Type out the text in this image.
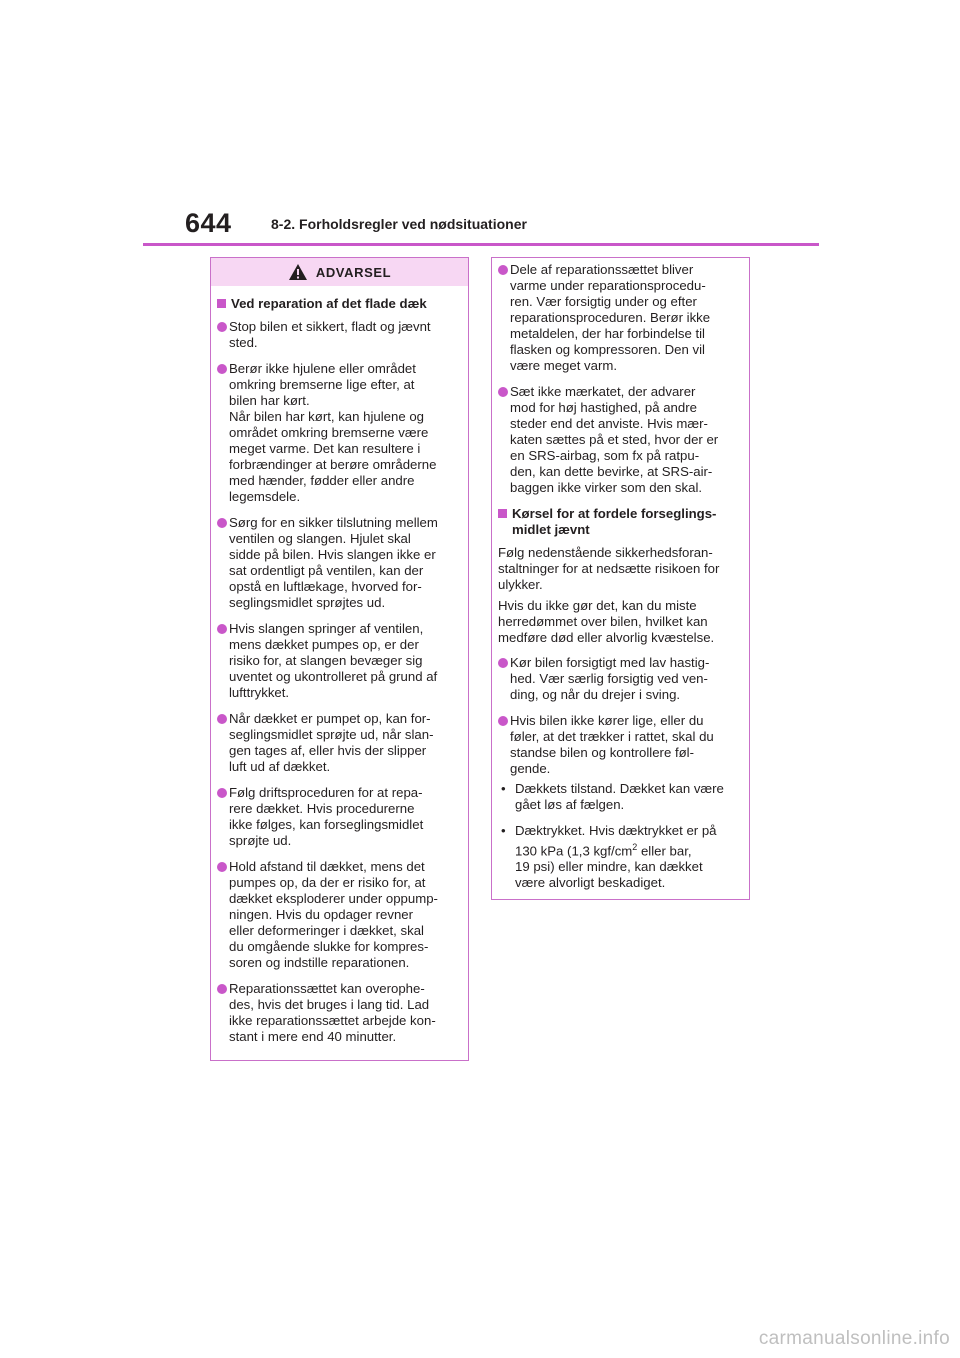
644	8-2. Forholdsregler ved nødsituationer
ADVARSEL
Ved reparation af det flade dæk
Stop bilen et sikkert, fladt og jævnt
sted.
Berør ikke hjulene eller området
omkring bremserne lige efter, at
bilen har kørt.
Når bilen har kørt, kan hjulene og
området omkring bremserne være
meget varme. Det kan resultere i
forbrændinger at berøre områderne
med hænder, fødder eller andre
legemsdele.
Sørg for en sikker tilslutning mellem
ventilen og slangen. Hjulet skal
sidde på bilen. Hvis slangen ikke er
sat ordentligt på ventilen, kan der
opstå en luftlækage, hvorved for-
seglingsmidlet sprøjtes ud.
Hvis slangen springer af ventilen,
mens dækket pumpes op, er der
risiko for, at slangen bevæger sig
uventet og ukontrolleret på grund af
lufttrykket.
Når dækket er pumpet op, kan for-
seglingsmidlet sprøjte ud, når slan-
gen tages af, eller hvis der slipper
luft ud af dækket.
Følg driftsproceduren for at repa-
rere dækket. Hvis procedurerne
ikke følges, kan forseglingsmidlet
sprøjte ud.
Hold afstand til dækket, mens det
pumpes op, da der er risiko for, at
dækket eksploderer under oppump-
ningen. Hvis du opdager revner
eller deformeringer i dækket, skal
du omgående slukke for kompres-
soren og indstille reparationen.
Reparationssættet kan overophe-
des, hvis det bruges i lang tid. Lad
ikke reparationssættet arbejde kon-
stant i mere end 40 minutter.
Dele af reparationssættet bliver
varme under reparationsprocedu-
ren. Vær forsigtig under og efter
reparationsproceduren. Berør ikke
metaldelen, der har forbindelse til
flasken og kompressoren. Den vil
være meget varm.
Sæt ikke mærkatet, der advarer
mod for høj hastighed, på andre
steder end det anviste. Hvis mær-
katen sættes på et sted, hvor der er
en SRS-airbag, som fx på ratpu-
den, kan dette bevirke, at SRS-air-
baggen ikke virker som den skal.
Kørsel for at fordele forseglings-
midlet jævnt
Følg nedenstående sikkerhedsforan-
staltninger for at nedsætte risikoen for
ulykker.
Hvis du ikke gør det, kan du miste
herredømmet over bilen, hvilket kan
medføre død eller alvorlig kvæstelse.
Kør bilen forsigtigt med lav hastig-
hed. Vær særlig forsigtig ved ven-
ding, og når du drejer i sving.
Hvis bilen ikke kører lige, eller du
føler, at det trækker i rattet, skal du
standse bilen og kontrollere føl-
gende.
• Dækkets tilstand. Dækket kan være
gået løs af fælgen.
• Dæktrykket. Hvis dæktrykket er på
130 kPa (1,3 kgf/$cm^2$ eller bar,
19 psi) eller mindre, kan dækket
være alvorligt beskadiget.
carmanualsonline.info
